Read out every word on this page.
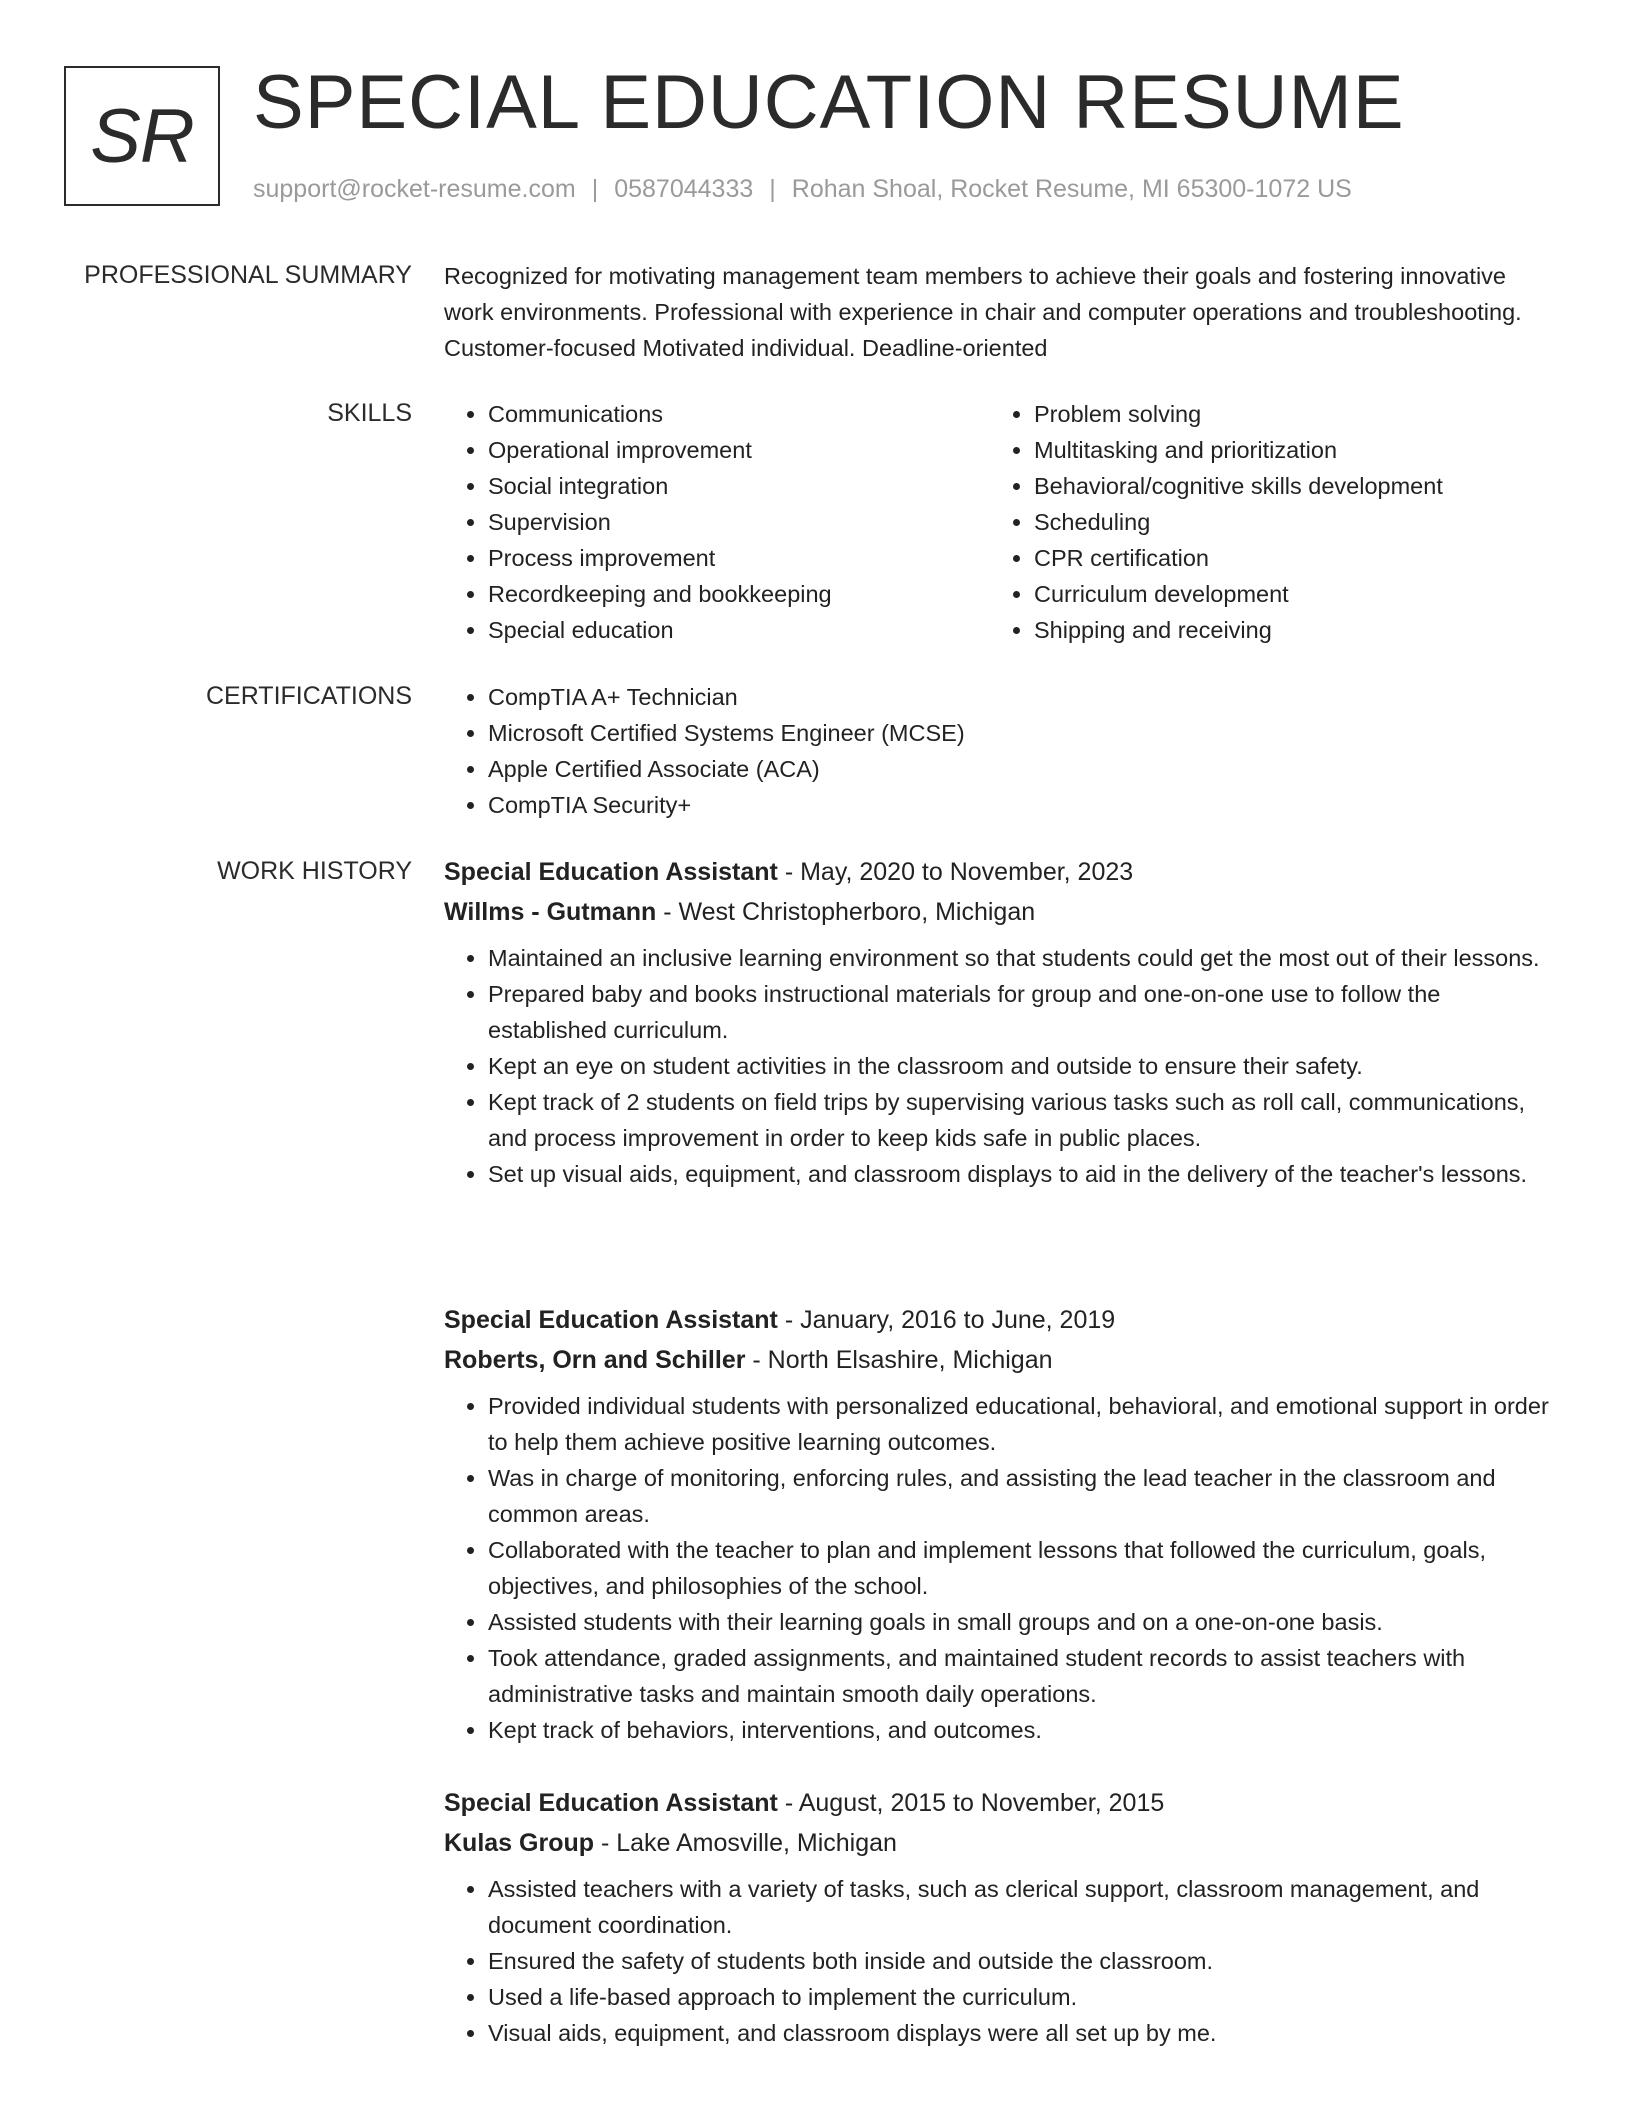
SR SPECIAL EDUCATION RESUME
support@rocket-resume.com | 0587044333 | Rohan Shoal, Rocket Resume, MI 65300-1072 US
PROFESSIONAL SUMMARY Recognized for motivating management team members to achieve their goals and fostering innovative work environments. Professional with experience in chair and computer operations and troubleshooting. Customer-focused Motivated individual. Deadline-oriented

SKILLS	• Communications
• Operational improvement
• Social integration
• Supervision
• Process improvement
• Recordkeeping and bookkeeping
• Special education
• Problem solving
• Multitasking and prioritization
• Behavioral/cognitive skills development
• Scheduling
• CPR certification
• Curriculum development
• Shipping and receiving
CERTIFICATIONS	• CompTIA A+ Technician
• Microsoft Certified Systems Engineer (MCSE)
• Apple Certified Associate (ACA)
• CompTIA Security+
WORK HISTORY Special Education Assistant - May, 2020 to November, 2023
Willms - Gutmann - West Christopherboro, Michigan
• Maintained an inclusive learning environment so that students could get the most out of their lessons.
• Prepared baby and books instructional materials for group and one-on-one use to follow the established curriculum.
• Kept an eye on student activities in the classroom and outside to ensure their safety.
• Kept track of 2 students on field trips by supervising various tasks such as roll call, communications, and process improvement in order to keep kids safe in public places.
• Set up visual aids, equipment, and classroom displays to aid in the delivery of the teacher's lessons.
Special Education Assistant - January, 2016 to June, 2019
Roberts, Orn and Schiller - North Elsashire, Michigan
• Provided individual students with personalized educational, behavioral, and emotional support in order to help them achieve positive learning outcomes.
• Was in charge of monitoring, enforcing rules, and assisting the lead teacher in the classroom and common areas.
• Collaborated with the teacher to plan and implement lessons that followed the curriculum, goals, objectives, and philosophies of the school.
• Assisted students with their learning goals in small groups and on a one-on-one basis.
• Took attendance, graded assignments, and maintained student records to assist teachers with administrative tasks and maintain smooth daily operations.
• Kept track of behaviors, interventions, and outcomes.
Special Education Assistant - August, 2015 to November, 2015
Kulas Group - Lake Amosville, Michigan
• Assisted teachers with a variety of tasks, such as clerical support, classroom management, and document coordination.
• Ensured the safety of students both inside and outside the classroom.
• Used a life-based approach to implement the curriculum.
• Visual aids, equipment, and classroom displays were all set up by me.
